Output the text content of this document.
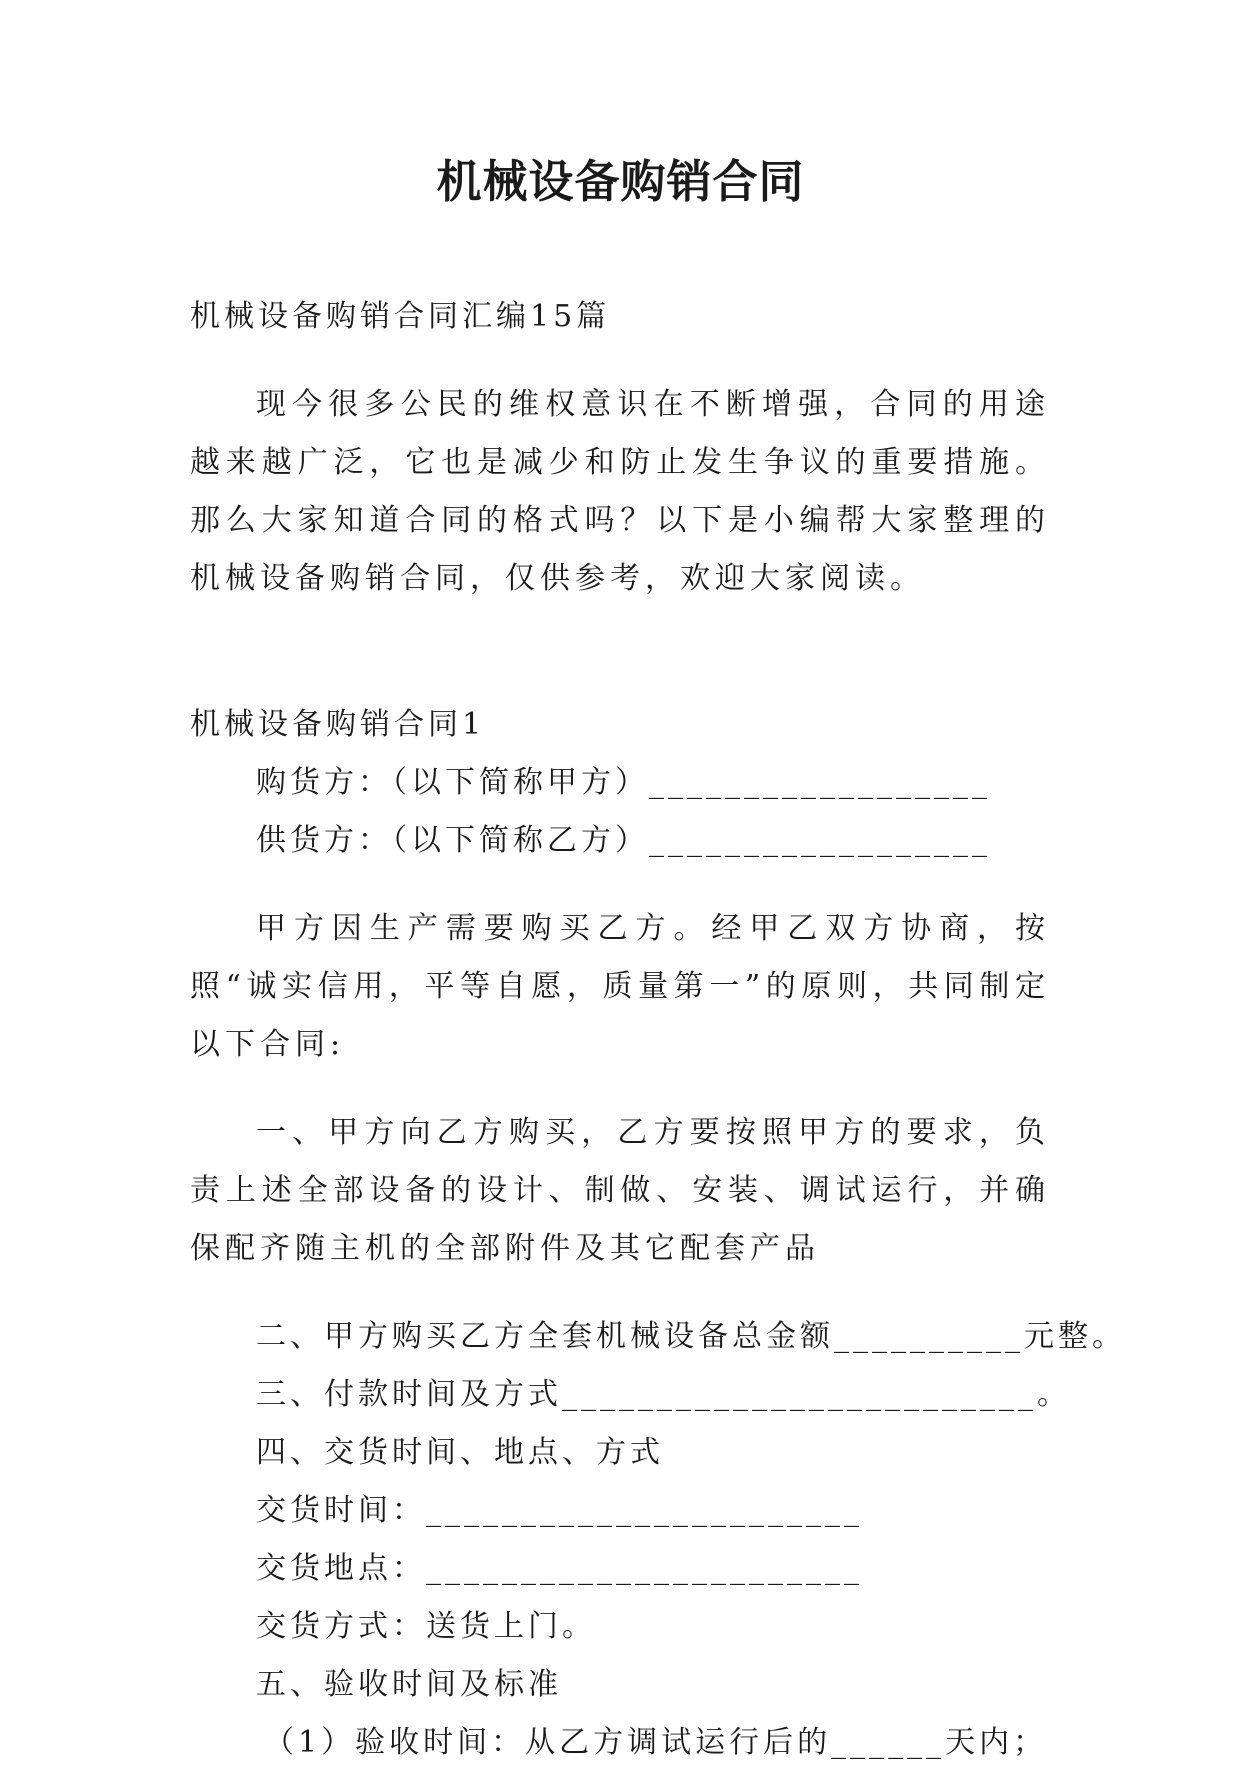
机械设备购销合同

机械设备购销合同汇编15篇

现今很多公民的维权意识在不断增强，合同的用途越来越广泛，它也是减少和防止发生争议的重要措施。那么大家知道合同的格式吗？以下是小编帮大家整理的机械设备购销合同，仅供参考，欢迎大家阅读。

机械设备购销合同1

购货方：（以下简称甲方）__________________

供货方：（以下简称乙方）__________________

甲方因生产需要购买乙方。经甲乙双方协商，按照“诚实信用，平等自愿，质量第一”的原则，共同制定以下合同:

一、甲方向乙方购买，乙方要按照甲方的要求，负责上述全部设备的设计、制做、安装、调试运行，并确保配齐随主机的全部附件及其它配套产品

二、甲方购买乙方全套机械设备总金额__________元整。

三、付款时间及方式_________________________。

四、交货时间、地点、方式

交货时间：_______________________

交货地点：_______________________

交货方式：送货上门。

五、验收时间及标准

（1）验收时间：从乙方调试运行后的______天内；
